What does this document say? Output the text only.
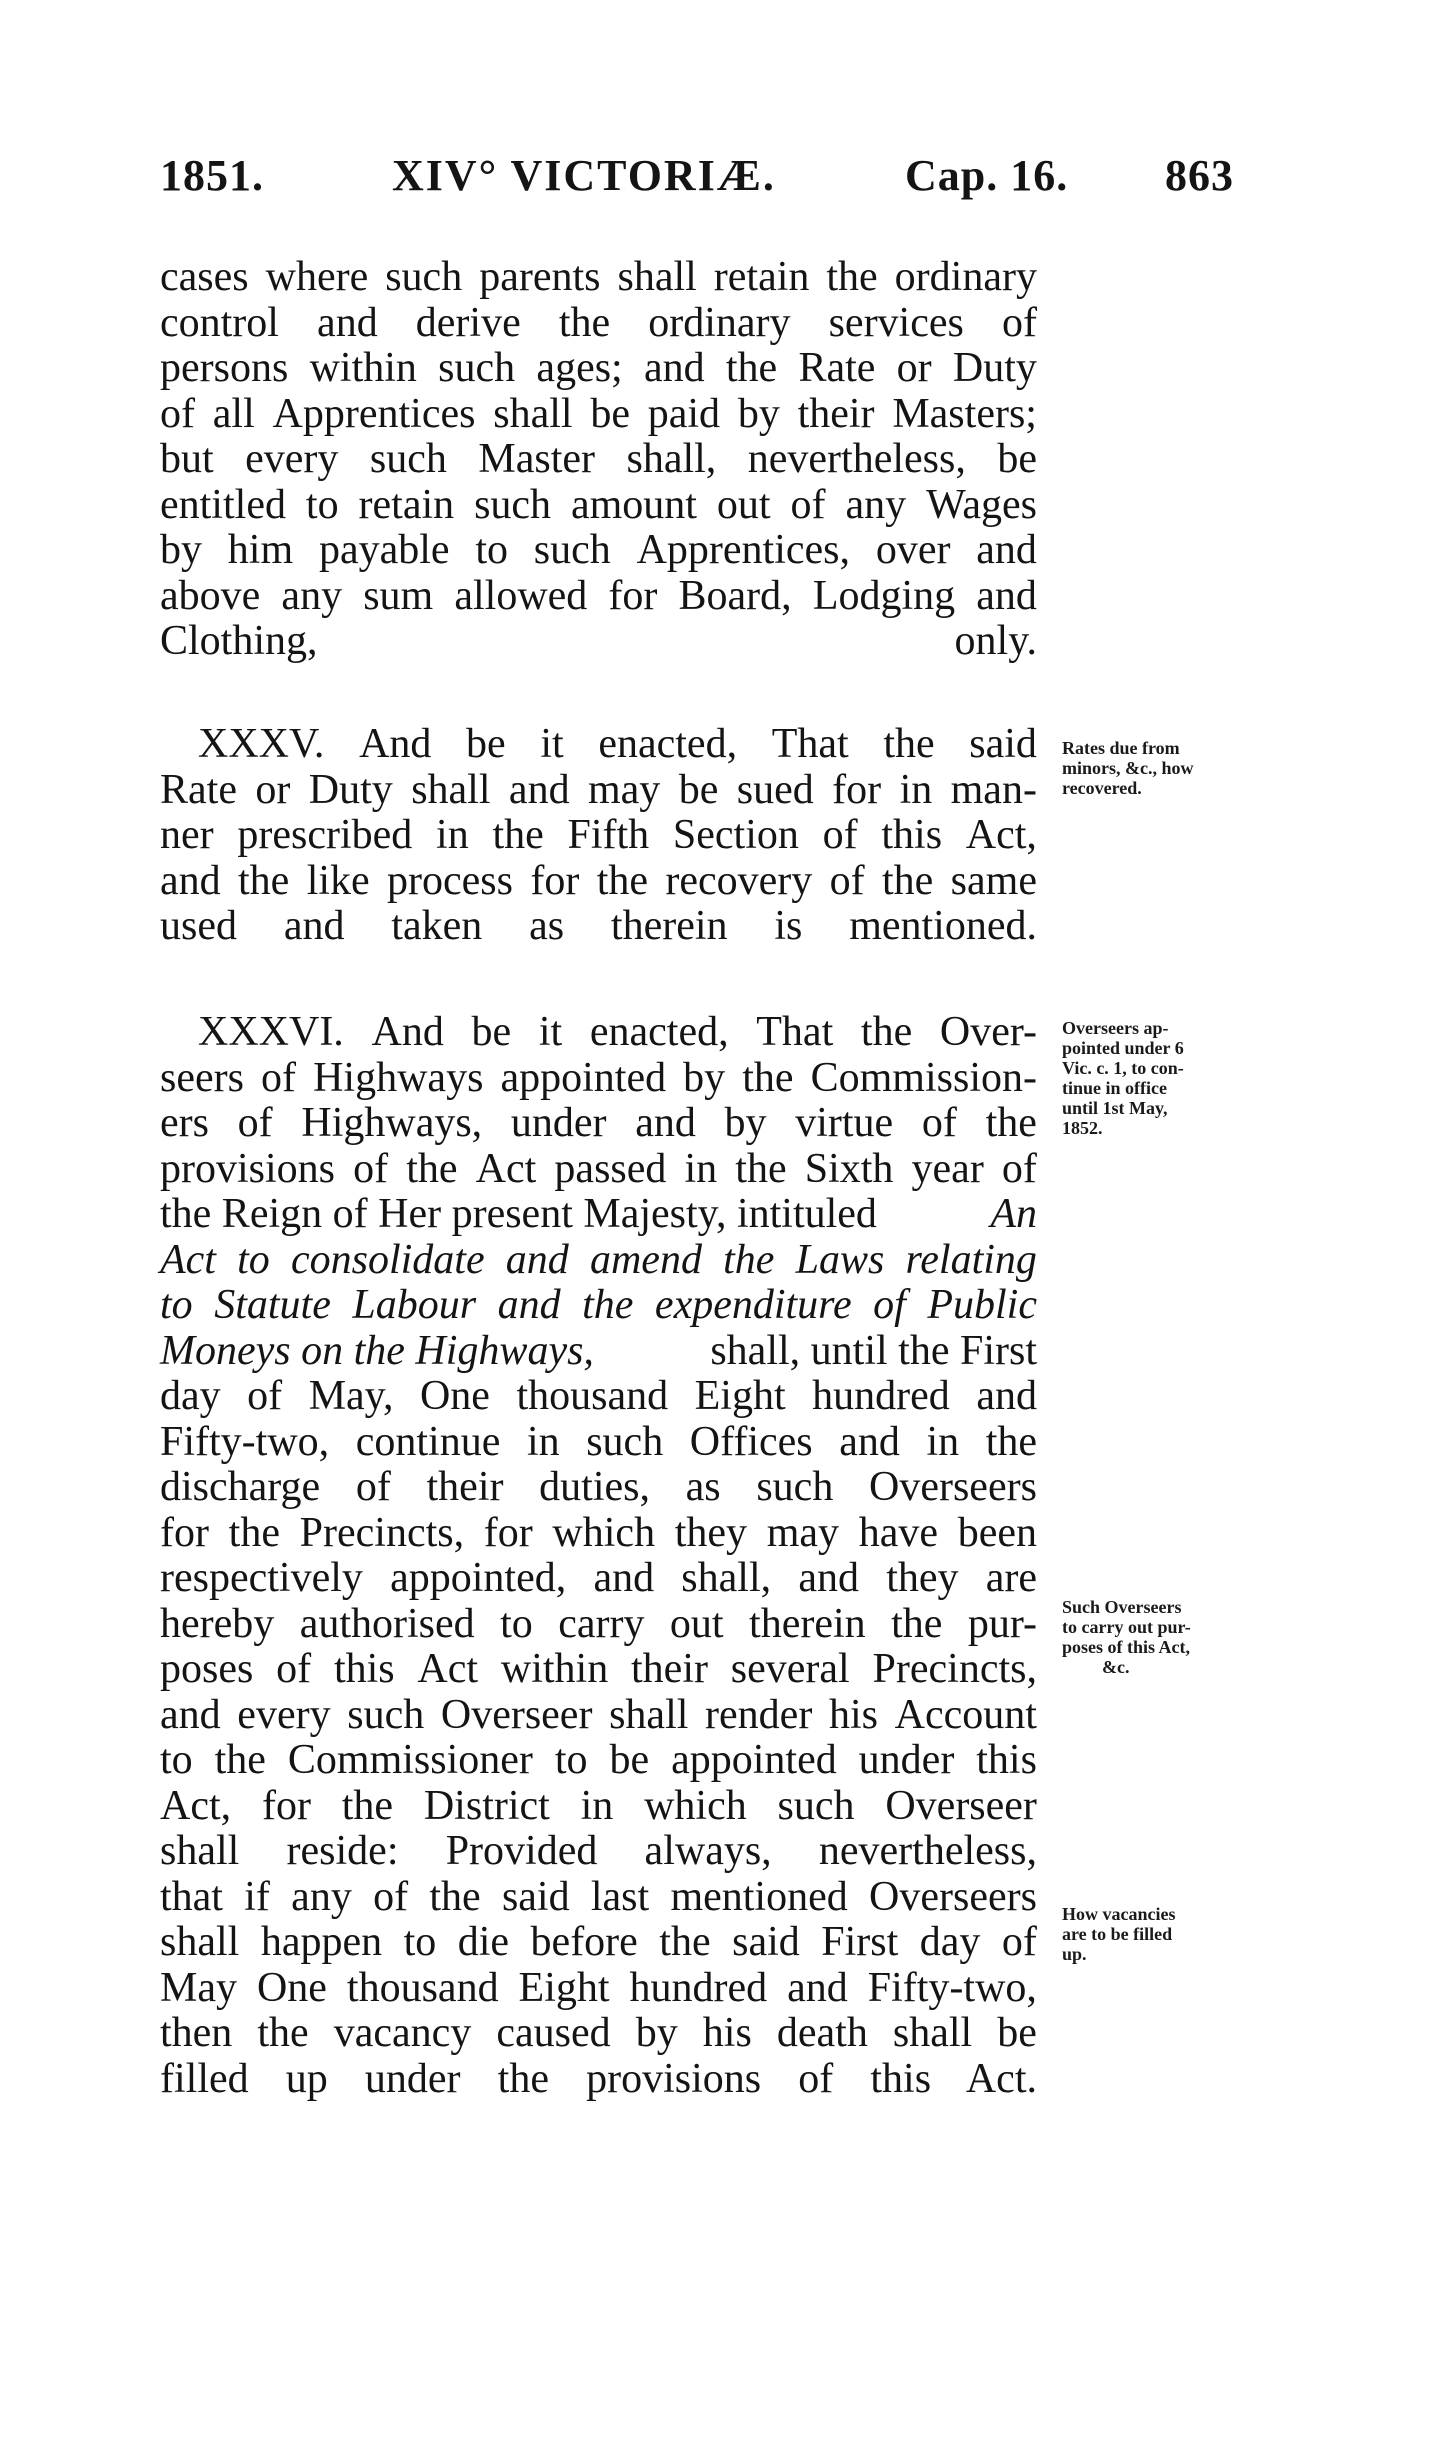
1851.	XIV° VICTORIÆ.	Cap. 16. 863
cases where such parents shall retain the ordinary
control and derive the ordinary services of
persons within such ages; and the Rate or Duty
of all Apprentices shall be paid by their Masters;
but every such Master shall, nevertheless, be
entitled to retain such amount out of any Wages
by him payable to such Apprentices, over and
above any sum allowed for Board, Lodging and
Clothing, only.
XXXV. And be it enacted, That the said
Rate or Duty shall and may be sued for in man-
ner prescribed in the Fifth Section of this Act,
and the like process for the recovery of the same
used and taken as therein is mentioned.
XXXVI. And be it enacted, That the Over-
seers of Highways appointed by the Commission-
ers of Highways, under and by virtue of the
provisions of the Act passed in the Sixth year of
the Reign of Her present Majesty, intituled	An
Act to consolidate and amend the Laws relating
to Statute Labour and the expenditure of Public
Moneys on the Highways,	shall, until the First
day of May, One thousand Eight hundred and
Fifty-two, continue in such Offices and in the
discharge of their duties, as such Overseers
for the Precincts, for which they may have been
respectively appointed, and shall, and they are
hereby authorised to carry out therein the pur-
poses of this Act within their several Precincts,
and every such Overseer shall render his Account
to the Commissioner to be appointed under this
Act, for the District in which such Overseer
shall reside: Provided always, nevertheless,
that if any of the said last mentioned Overseers
shall happen to die before the said First day of
May One thousand Eight hundred and Fifty-two,
then the vacancy caused by his death shall be
filled up under the provisions of this Act.
Rates due from
minors, &c., how
recovered.
Overseers ap-
pointed under 6
Vic. c. 1, to con-
tinue in office
until 1st May,
1852.
Such Overseers
to carry out pur-
poses of this Act,
&c.
How vacancies
are to be filled
up.
